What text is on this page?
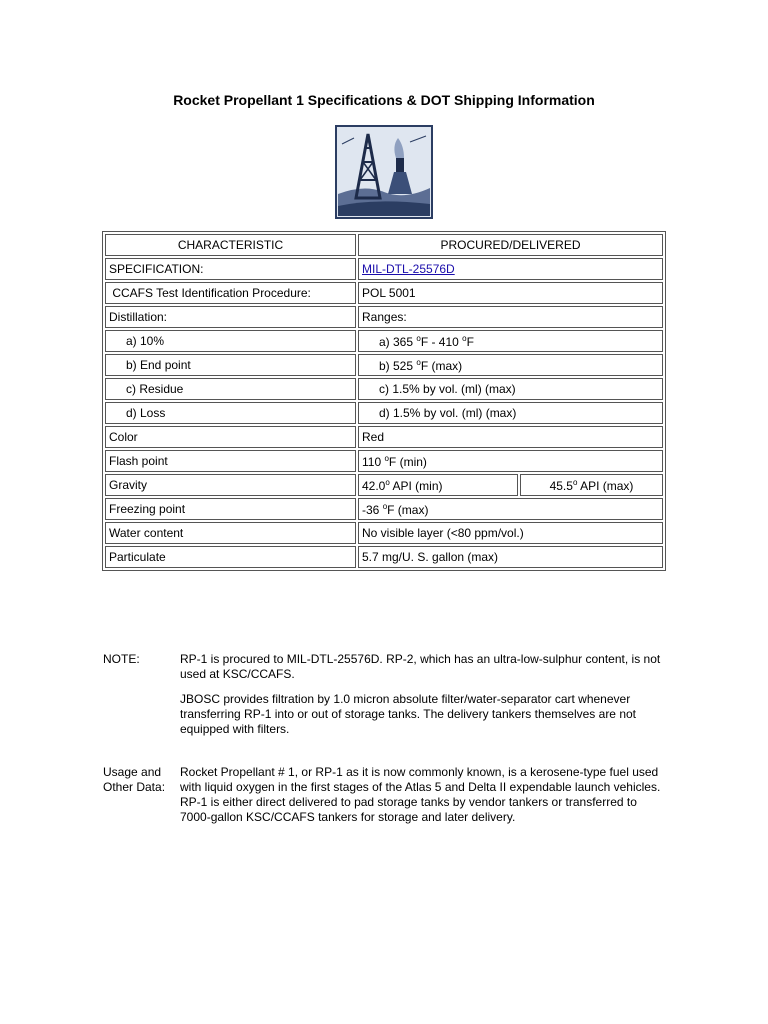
Rocket Propellant 1 Specifications & DOT Shipping Information
CHARACTERISTIC	PROCURED/DELIVERED	
SPECIFICATION:	MIL-DTL-25576D	
CCAFS Test Identification Procedure:	POL 5001	
Distillation:	Ranges:	
a) 10%	a) 365 $^o$F - 410 $^o$F	
b) End point	b) 525 $^o$F (max)	
c) Residue	c) 1.5% by vol. (ml) (max)	
d) Loss	d) 1.5% by vol. (ml) (max)	
Color	Red	
Flash point	110 $^o$F (min)	
Gravity	42.0$^o$ API (min)	45.5$^o$ API (max)
Freezing point	-36 $^o$F (max)	
Water content	No visible layer (<80 ppm/vol.)	
Particulate	5.7 mg/U. S. gallon (max)	
NOTE:	RP-1 is procured to MIL-DTL-25576D. RP-2, which has an ultra-low-sulphur content, is not used at KSC/CCAFS.

JBOSC provides filtration by 1.0 micron absolute filter/water-separator cart whenever transferring RP-1 into or out of storage tanks. The delivery tankers themselves are not equipped with filters.

Usage and
Other Data:

Rocket Propellant # 1, or RP-1 as it is now commonly known, is a kerosene-type fuel used with liquid oxygen in the first stages of the Atlas 5 and Delta II expendable launch vehicles. RP-1 is either direct delivered to pad storage tanks by vendor tankers or transferred to 7000-gallon KSC/CCAFS tankers for storage and later delivery.
